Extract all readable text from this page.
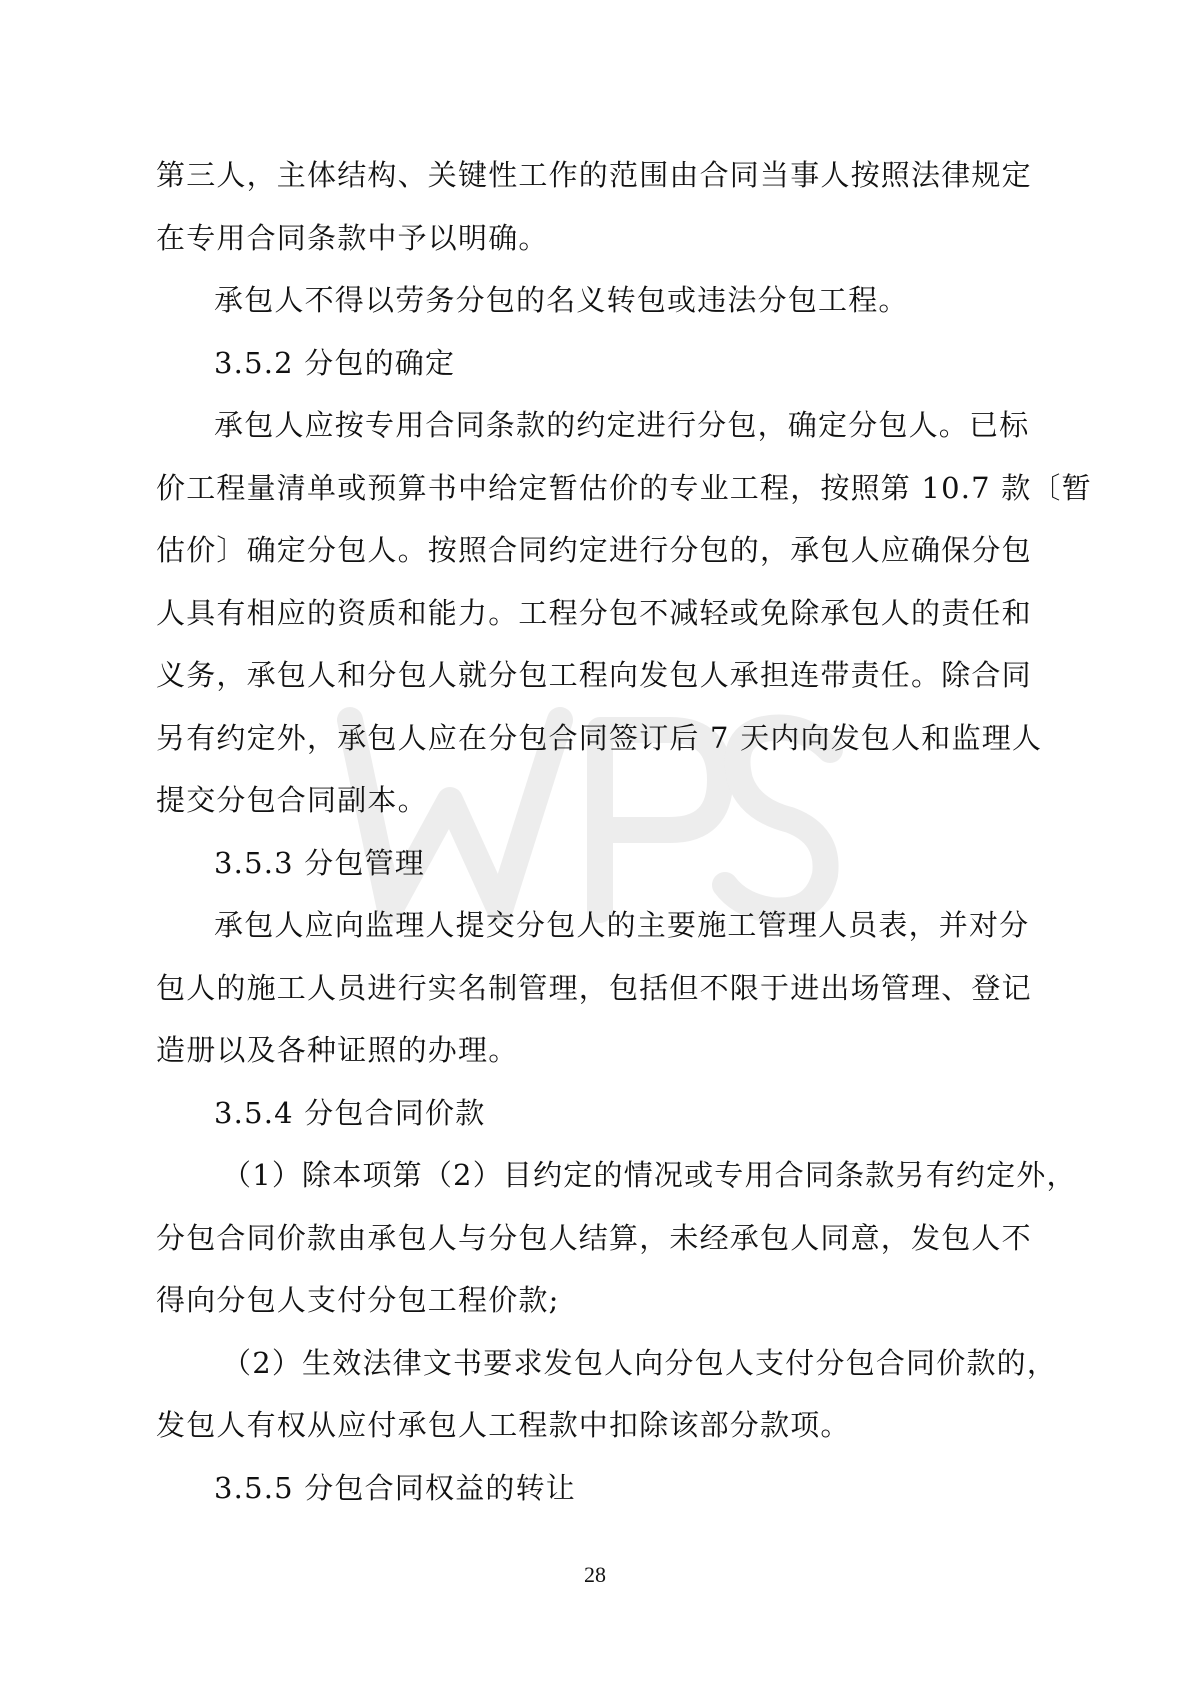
第三人，主体结构、关键性工作的范围由合同当事人按照法律规定
在专用合同条款中予以明确。
承包人不得以劳务分包的名义转包或违法分包工程。
3.5.2 分包的确定
承包人应按专用合同条款的约定进行分包，确定分包人。已标
价工程量清单或预算书中给定暂估价的专业工程，按照第 10.7 款〔暂
估价〕确定分包人。按照合同约定进行分包的，承包人应确保分包
人具有相应的资质和能力。工程分包不减轻或免除承包人的责任和
义务，承包人和分包人就分包工程向发包人承担连带责任。除合同
另有约定外，承包人应在分包合同签订后 7 天内向发包人和监理人
提交分包合同副本。
3.5.3 分包管理
承包人应向监理人提交分包人的主要施工管理人员表，并对分
包人的施工人员进行实名制管理，包括但不限于进出场管理、登记
造册以及各种证照的办理。
3.5.4 分包合同价款
（1）除本项第（2）目约定的情况或专用合同条款另有约定外，
分包合同价款由承包人与分包人结算，未经承包人同意，发包人不
得向分包人支付分包工程价款;
（2）生效法律文书要求发包人向分包人支付分包合同价款的，
发包人有权从应付承包人工程款中扣除该部分款项。
3.5.5 分包合同权益的转让
28
